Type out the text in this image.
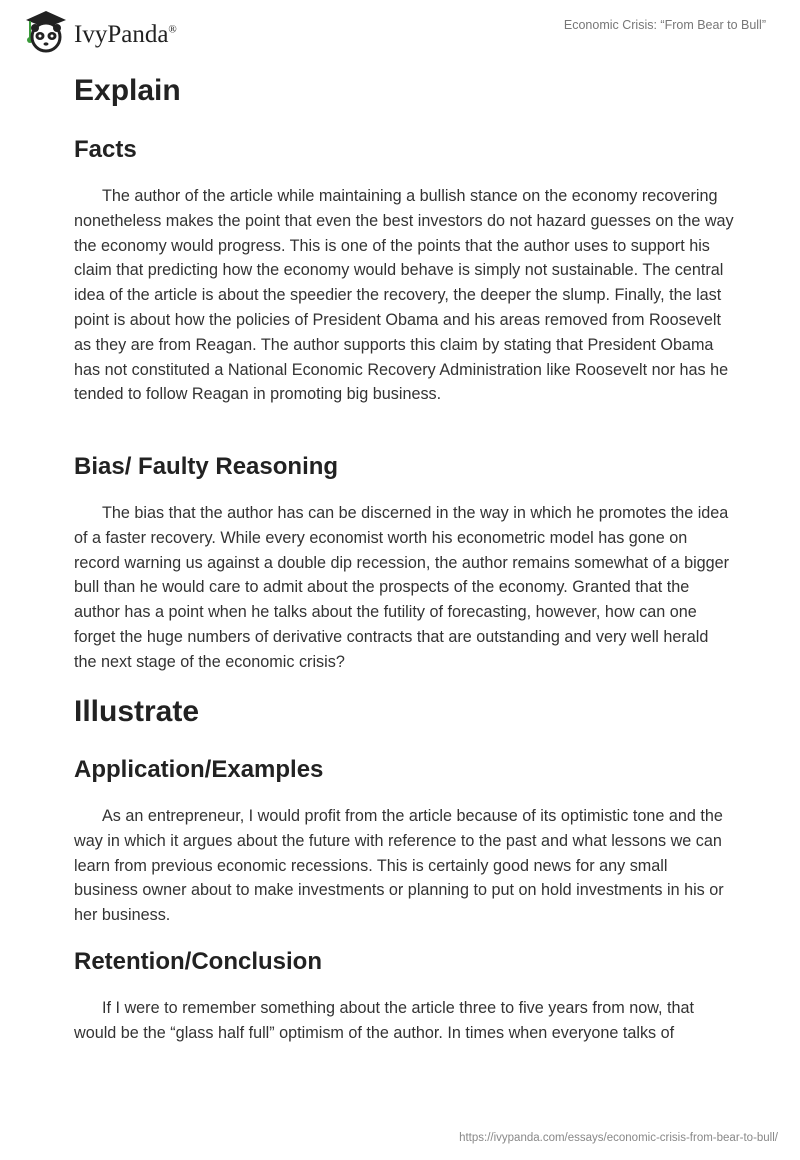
IvyPanda®	Economic Crisis: “From Bear to Bull”
Explain
Facts

The author of the article while maintaining a bullish stance on the economy recovering nonetheless makes the point that even the best investors do not hazard guesses on the way the economy would progress. This is one of the points that the author uses to support his claim that predicting how the economy would behave is simply not sustainable. The central idea of the article is about the speedier the recovery, the deeper the slump. Finally, the last point is about how the policies of President Obama and his areas removed from Roosevelt as they are from Reagan. The author supports this claim by stating that President Obama has not constituted a National Economic Recovery Administration like Roosevelt nor has he tended to follow Reagan in promoting big business.

Bias/ Faulty Reasoning

The bias that the author has can be discerned in the way in which he promotes the idea of a faster recovery. While every economist worth his econometric model has gone on record warning us against a double dip recession, the author remains somewhat of a bigger bull than he would care to admit about the prospects of the economy. Granted that the author has a point when he talks about the futility of forecasting, however, how can one forget the huge numbers of derivative contracts that are outstanding and very well herald the next stage of the economic crisis?

Illustrate
Application/Examples

As an entrepreneur, I would profit from the article because of its optimistic tone and the way in which it argues about the future with reference to the past and what lessons we can learn from previous economic recessions. This is certainly good news for any small business owner about to make investments or planning to put on hold investments in his or her business.

Retention/Conclusion

If I were to remember something about the article three to five years from now, that would be the “glass half full” optimism of the author. In times when everyone talks of

https://ivypanda.com/essays/economic-crisis-from-bear-to-bull/
